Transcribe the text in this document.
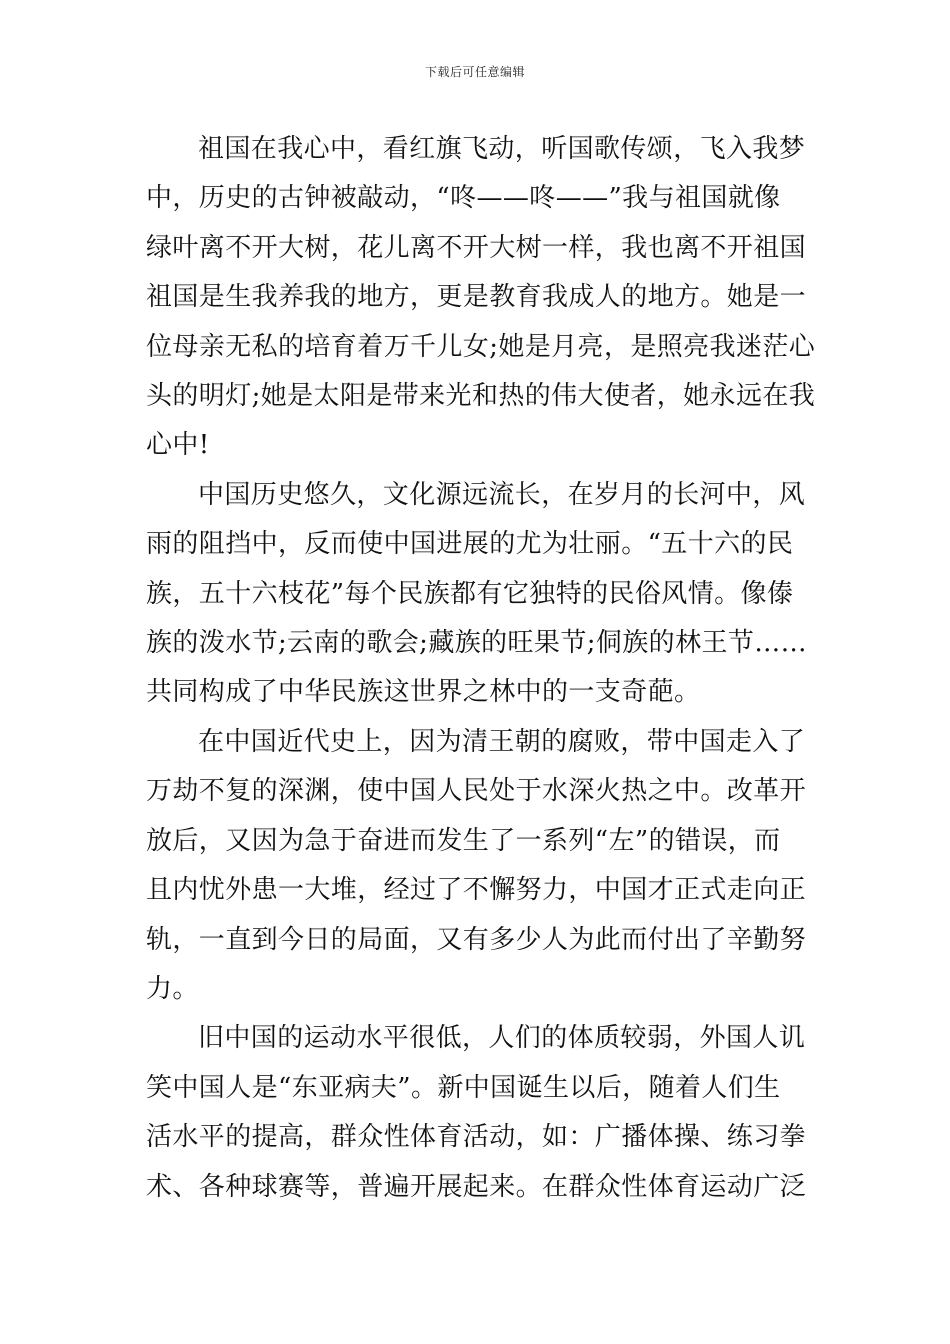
下载后可任意编辑
祖国在我心中，看红旗飞动，听国歌传颂，飞入我梦
中，历史的古钟被敲动，“咚——咚——”我与祖国就像
绿叶离不开大树，花儿离不开大树一样，我也离不开祖国
祖国是生我养我的地方，更是教育我成人的地方。她是一
位母亲无私的培育着万千儿女;她是月亮，是照亮我迷茫心
头的明灯;她是太阳是带来光和热的伟大使者，她永远在我
心中!
中国历史悠久，文化源远流长，在岁月的长河中，风
雨的阻挡中，反而使中国进展的尤为壮丽。“五十六的民
族，五十六枝花”每个民族都有它独特的民俗风情。像傣
族的泼水节;云南的歌会;藏族的旺果节;侗族的林王节……
共同构成了中华民族这世界之林中的一支奇葩。
在中国近代史上，因为清王朝的腐败，带中国走入了
万劫不复的深渊，使中国人民处于水深火热之中。改革开
放后，又因为急于奋进而发生了一系列“左”的错误，而
且内忧外患一大堆，经过了不懈努力，中国才正式走向正
轨，一直到今日的局面，又有多少人为此而付出了辛勤努
力。
旧中国的运动水平很低，人们的体质较弱，外国人讥
笑中国人是“东亚病夫”。新中国诞生以后，随着人们生
活水平的提高，群众性体育活动，如：广播体操、练习拳
术、各种球赛等，普遍开展起来。在群众性体育运动广泛
